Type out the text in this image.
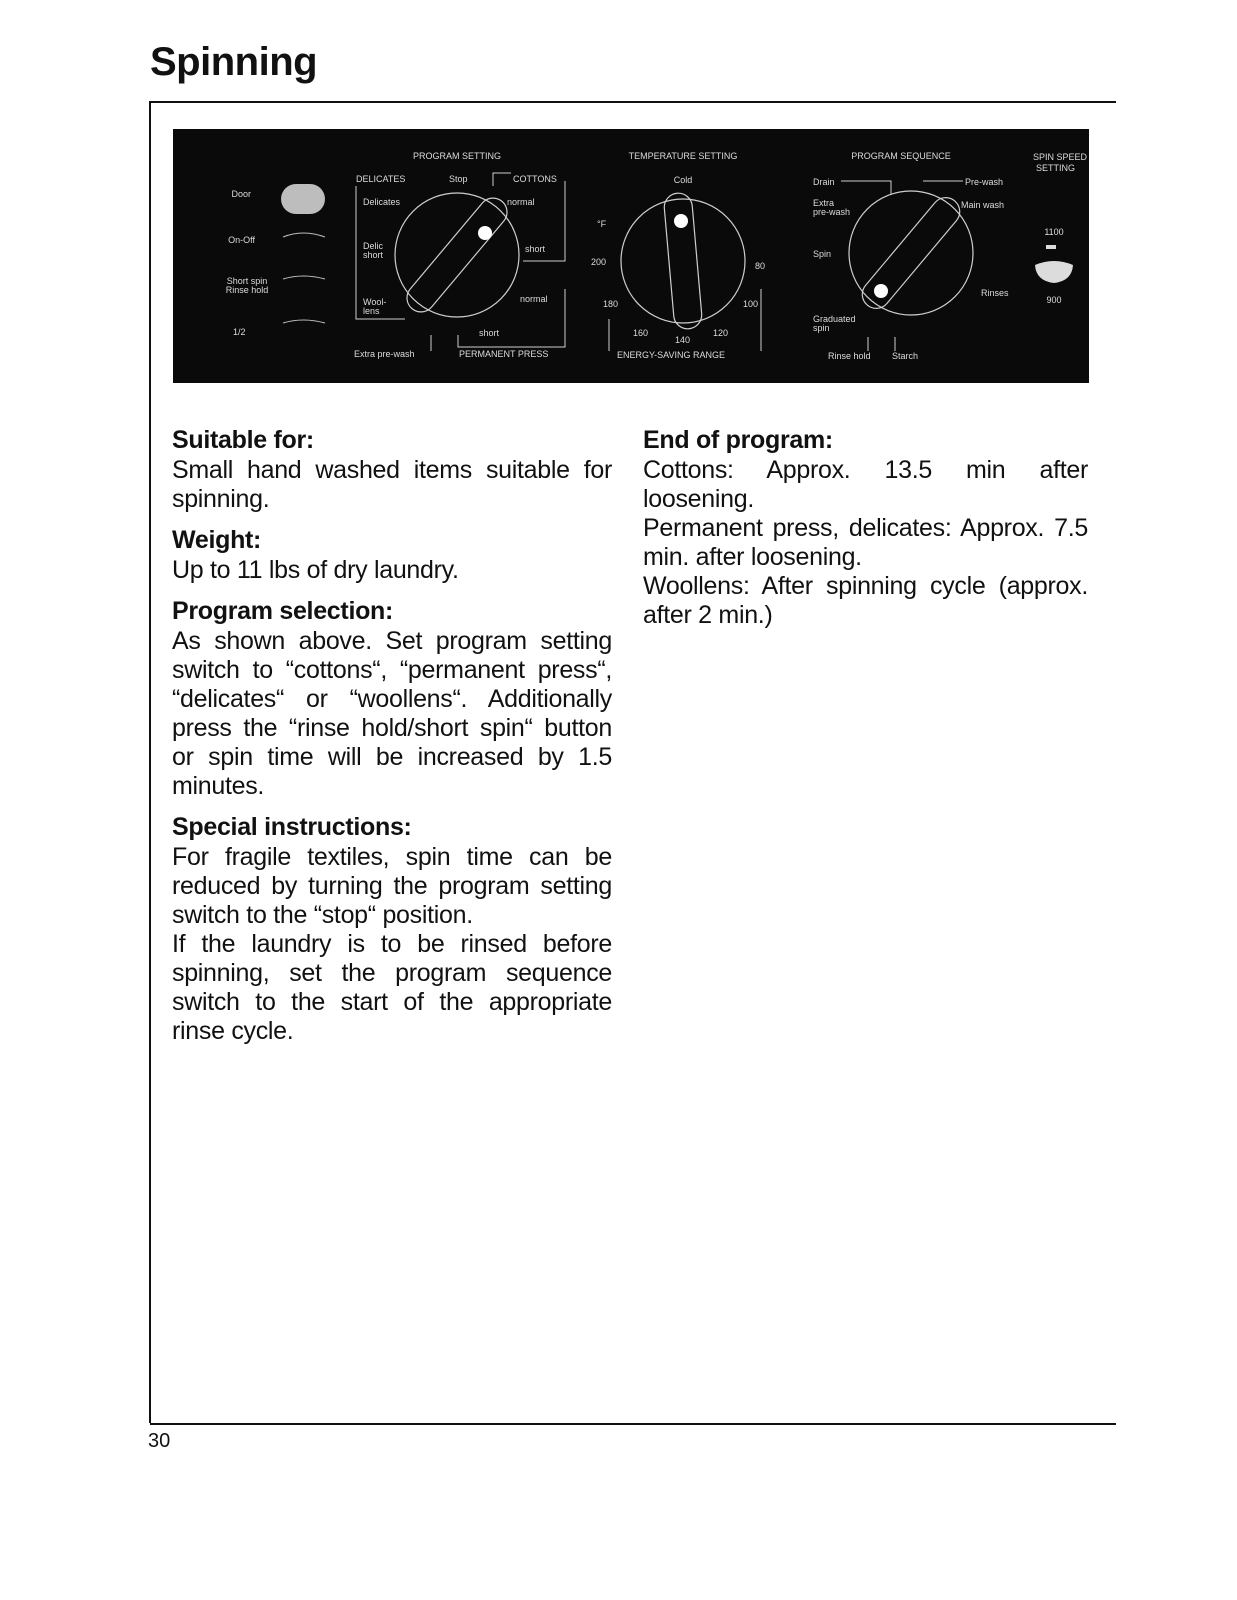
Spinning
30
Door
On-Off
Short spin
Rinse hold
1/2
PROGRAM SETTING
DELICATES	Stop	COTTONS
Delicates	normal
Delic
short
short
Wool-
lens
normal
short
Extra pre-wash	PERMANENT PRESS
TEMPERATURE SETTING
Cold
°F
200
180
160
140
120
100
80
ENERGY-SAVING RANGE
PROGRAM SEQUENCE
Drain	Pre-wash
Extra
pre-wash
Main wash
Spin
Rinses
Graduated
spin
Rinse hold Starch
SPIN SPEED
SETTING
1100
900
Suitable for:

Small hand washed items suitable for spinning.

Weight:

Up to 11 lbs of dry laundry.

Program selection:

As shown above. Set program setting switch to “cottons“, “permanent press“, “delicates“ or “woollens“. Additionally press the “rinse hold/short spin“ button or spin time will be increased by 1.5 minutes.

Special instructions:

For fragile textiles, spin time can be reduced by turning the program setting switch to the “stop“ position.

If the laundry is to be rinsed before spinning, set the program sequence switch to the start of the appropriate rinse cycle.

End of program:

Cottons: Approx. 13.5 min after loosening.

Permanent press, delicates: Approx. 7.5 min. after loosening.

Woollens: After spinning cycle (approx. after 2 min.)
